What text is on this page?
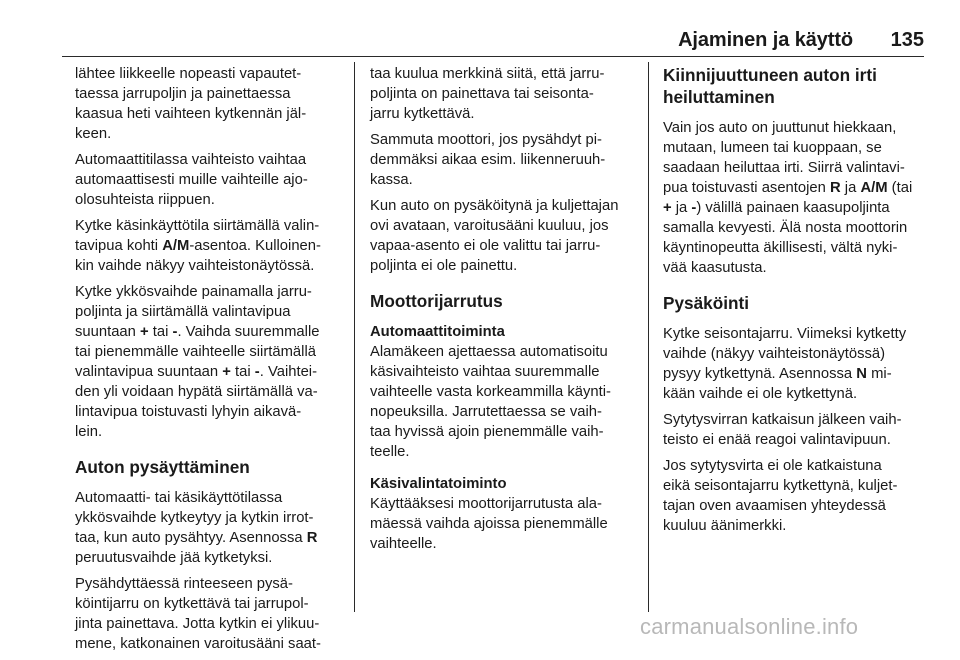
Ajaminen ja käyttö 135

lähtee liikkeelle nopeasti vapautet-
taessa jarrupoljin ja painettaessa
kaasua heti vaihteen kytkennän jäl-
keen.

Automaattitilassa vaihteisto vaihtaa
automaattisesti muille vaihteille ajo-
olosuhteista riippuen.

Kytke käsinkäyttötila siirtämällä valin-
tavipua kohti A/M-asentoa. Kulloinen-
kin vaihde näkyy vaihteistonäytössä.

Kytke ykkösvaihde painamalla jarru-
poljinta ja siirtämällä valintavipua
suuntaan + tai -. Vaihda suuremmalle
tai pienemmälle vaihteelle siirtämällä
valintavipua suuntaan + tai -. Vaihtei-
den yli voidaan hypätä siirtämällä va-
lintavipua toistuvasti lyhyin aikavä-
lein.

Auton pysäyttäminen

Automaatti- tai käsikäyttötilassa
ykkösvaihde kytkeytyy ja kytkin irrot-
taa, kun auto pysähtyy. Asennossa R
peruutusvaihde jää kytketyksi.

Pysähdyttäessä rinteeseen pysä-
köintijarru on kytkettävä tai jarrupol-
jinta painettava. Jotta kytkin ei ylikuu-
mene, katkonainen varoitusääni saat-

taa kuulua merkkinä siitä, että jarru-
poljinta on painettava tai seisonta-
jarru kytkettävä.

Sammuta moottori, jos pysähdyt pi-
demmäksi aikaa esim. liikenneruuh-
kassa.

Kun auto on pysäköitynä ja kuljettajan
ovi avataan, varoitusääni kuuluu, jos
vapaa-asento ei ole valittu tai jarru-
poljinta ei ole painettu.

Moottorijarrutus
Automaattitoiminta

Alamäkeen ajettaessa automatisoitu
käsivaihteisto vaihtaa suuremmalle
vaihteelle vasta korkeammilla käynti-
nopeuksilla. Jarrutettaessa se vaih-
taa hyvissä ajoin pienemmälle vaih-
teelle.

Käsivalintatoiminto

Käyttääksesi moottorijarrutusta ala-
mäessä vaihda ajoissa pienemmälle
vaihteelle.

Kiinnijuuttuneen auton irti
heiluttaminen

Vain jos auto on juuttunut hiekkaan,
mutaan, lumeen tai kuoppaan, se
saadaan heiluttaa irti. Siirrä valintavi-
pua toistuvasti asentojen R ja A/M (tai
+ ja -) välillä painaen kaasupoljinta
samalla kevyesti. Älä nosta moottorin
käyntinopeutta äkillisesti, vältä nyki-
vää kaasutusta.

Pysäköinti

Kytke seisontajarru. Viimeksi kytketty
vaihde (näkyy vaihteistonäytössä)
pysyy kytkettynä. Asennossa N mi-
kään vaihde ei ole kytkettynä.

Sytytysvirran katkaisun jälkeen vaih-
teisto ei enää reagoi valintavipuun.

Jos sytytysvirta ei ole katkaistuna
eikä seisontajarru kytkettynä, kuljet-
tajan oven avaamisen yhteydessä
kuuluu äänimerkki.

carmanualsonline.info
